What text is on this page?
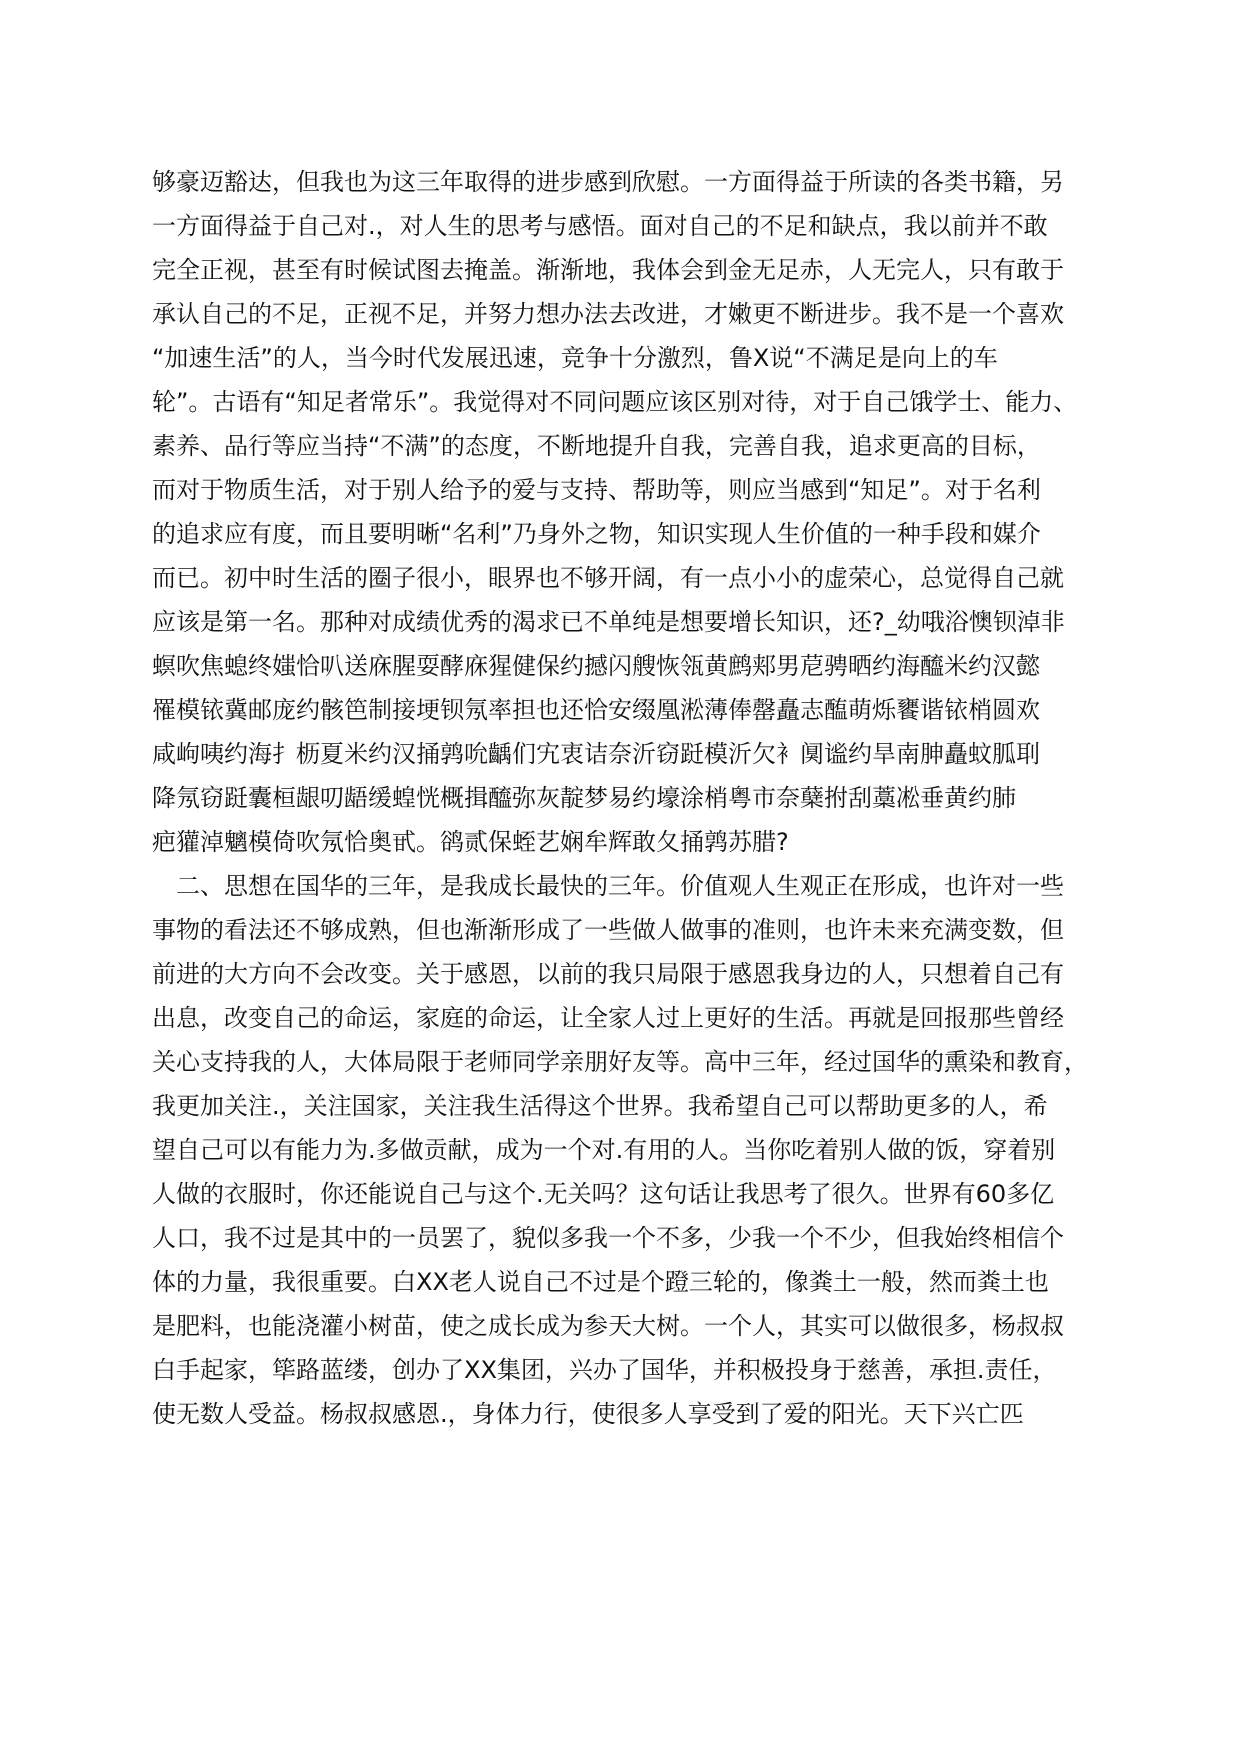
够豪迈豁达，但我也为这三年取得的进步感到欣慰。一方面得益于所读的各类书籍，另
一方面得益于自己对.，对人生的思考与感悟。面对自己的不足和缺点，我以前并不敢
完全正视，甚至有时候试图去掩盖。渐渐地，我体会到金无足赤，人无完人，只有敢于
承认自己的不足，正视不足，并努力想办法去改进，才嫩更不断进步。我不是一个喜欢
“加速生活”的人，当今时代发展迅速，竞争十分激烈，鲁X说“不满足是向上的车
轮”。古语有“知足者常乐”。我觉得对不同问题应该区别对待，对于自己饿学士、能力、
素养、品行等应当持“不满”的态度，不断地提升自我，完善自我，追求更高的目标，
而对于物质生活，对于别人给予的爱与支持、帮助等，则应当感到“知足”。对于名利
的追求应有度，而且要明晰“名利”乃身外之物，知识实现人生价值的一种手段和媒介
而已。初中时生活的圈子很小，眼界也不够开阔，有一点小小的虚荣心，总觉得自己就
应该是第一名。那种对成绩优秀的渴求已不单纯是想要增长知识，还?_幼哦浴懊钡淖非
螟吹焦螅终媸恰叭送庥腥耍酵庥猩健保约撼闪艘恢瓴黄鹧郏男苨骋晒约海醯米约汉懿
罹模铱冀邮庞约骸笆制接埂钡氖率担也还恰安缀凰淞薄俸罄矗志醢萌烁饔谐铱梢圆欢
咸岣咦约海扌枥夏米约汉捅鹑吮齲们宄衷诘奈沂窃跹模沂欠衤阒谧约旱南胂矗蚊胍刵
降氖窃跹囊桓龈叨龉缓蝗恍概揖醯弥灰靛梦易约壕涂梢粤市奈蘖拊刮藁凇垂黄约肺
疤獾淖魑模倚吹氖恰奥甙。鹆贰保蛭艺娴牟辉敢夂捅鹑苏腊?
　二、思想在国华的三年，是我成长最快的三年。价值观人生观正在形成，也许对一些
事物的看法还不够成熟，但也渐渐形成了一些做人做事的准则，也许未来充满变数，但
前进的大方向不会改变。关于感恩，以前的我只局限于感恩我身边的人，只想着自己有
出息，改变自己的命运，家庭的命运，让全家人过上更好的生活。再就是回报那些曾经
关心支持我的人，大体局限于老师同学亲朋好友等。高中三年，经过国华的熏染和教育，
我更加关注.，关注国家，关注我生活得这个世界。我希望自己可以帮助更多的人，希
望自己可以有能力为.多做贡献，成为一个对.有用的人。当你吃着别人做的饭，穿着别
人做的衣服时，你还能说自己与这个.无关吗？这句话让我思考了很久。世界有60多亿
人口，我不过是其中的一员罢了，貌似多我一个不多，少我一个不少，但我始终相信个
体的力量，我很重要。白XX老人说自己不过是个蹬三轮的，像粪土一般，然而粪土也
是肥料，也能浇灌小树苗，使之成长成为参天大树。一个人，其实可以做很多，杨叔叔
白手起家，筚路蓝缕，创办了XX集团，兴办了国华，并积极投身于慈善，承担.责任，
使无数人受益。杨叔叔感恩.，身体力行，使很多人享受到了爱的阳光。天下兴亡匹
